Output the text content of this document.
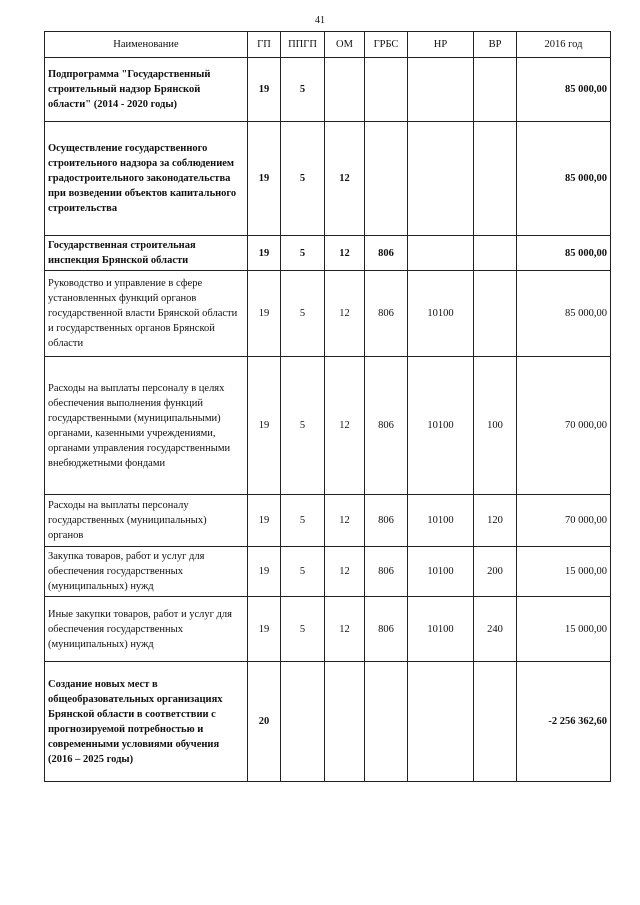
41
Наименование	ГП	ППГП	ОМ	ГРБС	НР	ВР	2016 год
Подпрограмма "Государственный строительный надзор Брянской области" (2014 - 2020 годы)	19	5					85 000,00
Осуществление государственного строительного надзора за соблюдением градостроительного законодательства при возведении объектов капитального строительства	19	5	12				85 000,00
Государственная строительная инспекция Брянской области	19	5	12	806			85 000,00
Руководство и управление в сфере установленных функций органов государственной власти Брянской области и государственных органов Брянской области	19	5	12	806	10100		85 000,00
Расходы на выплаты персоналу в целях обеспечения выполнения функций государственными (муниципальными) органами, казенными учреждениями, органами управления государственными внебюджетными фондами	19	5	12	806	10100	100	70 000,00
Расходы на выплаты персоналу государственных (муниципальных) органов	19	5	12	806	10100	120	70 000,00
Закупка товаров, работ и услуг для обеспечения государственных (муниципальных) нужд	19	5	12	806	10100	200	15 000,00
Иные закупки товаров, работ и услуг для обеспечения государственных (муниципальных) нужд	19	5	12	806	10100	240	15 000,00
Создание новых мест в общеобразовательных организациях Брянской области в соответствии с прогнозируемой потребностью и современными условиями обучения (2016 – 2025 годы)	20						-2 256 362,60
